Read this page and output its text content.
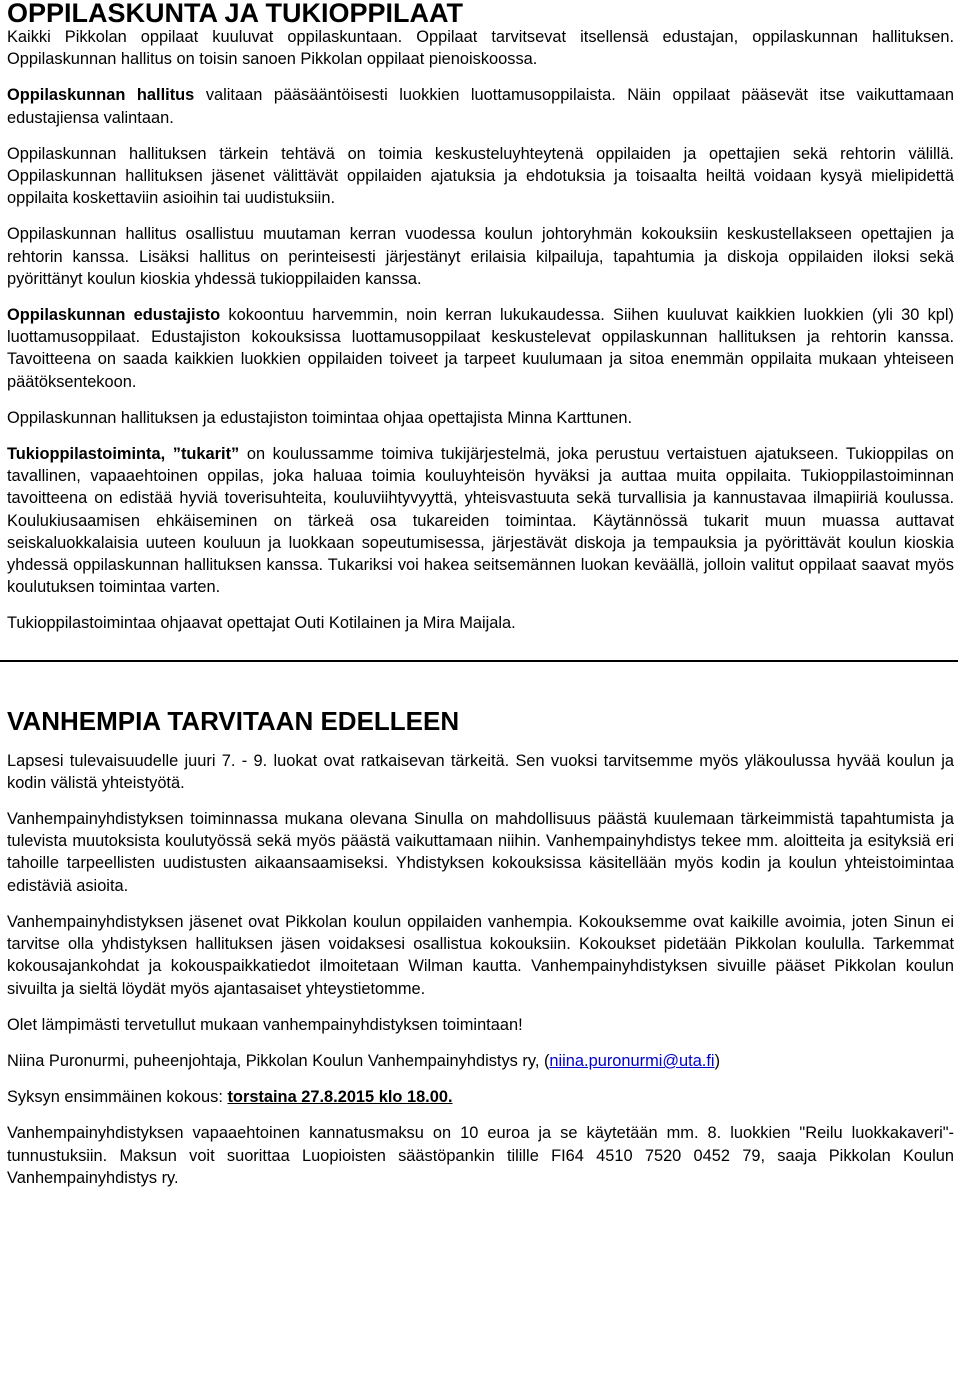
OPPILASKUNTA JA TUKIOPPILAAT

Kaikki Pikkolan oppilaat kuuluvat oppilaskuntaan. Oppilaat tarvitsevat itsellensä edustajan, oppilaskunnan hallituksen. Oppilaskunnan hallitus on toisin sanoen Pikkolan oppilaat pienoiskoossa.

Oppilaskunnan hallitus valitaan pääsääntöisesti luokkien luottamusoppilaista. Näin oppilaat pääsevät itse vaikuttamaan edustajiensa valintaan.

Oppilaskunnan hallituksen tärkein tehtävä on toimia keskusteluyhteytenä oppilaiden ja opettajien sekä rehtorin välillä. Oppilaskunnan hallituksen jäsenet välittävät oppilaiden ajatuksia ja ehdotuksia ja toisaalta heiltä voidaan kysyä mielipidettä oppilaita koskettaviin asioihin tai uudistuksiin.

Oppilaskunnan hallitus osallistuu muutaman kerran vuodessa koulun johtoryhmän kokouksiin keskustellakseen opettajien ja rehtorin kanssa. Lisäksi hallitus on perinteisesti järjestänyt erilaisia kilpailuja, tapahtumia ja diskoja oppilaiden iloksi sekä pyörittänyt koulun kioskia yhdessä tukioppilaiden kanssa.

Oppilaskunnan edustajisto kokoontuu harvemmin, noin kerran lukukaudessa. Siihen kuuluvat kaikkien luokkien (yli 30 kpl) luottamusoppilaat. Edustajiston kokouksissa luottamusoppilaat keskustelevat oppilaskunnan hallituksen ja rehtorin kanssa. Tavoitteena on saada kaikkien luokkien oppilaiden toiveet ja tarpeet kuulumaan ja sitoa enemmän oppilaita mukaan yhteiseen päätöksentekoon.

Oppilaskunnan hallituksen ja edustajiston toimintaa ohjaa opettajista Minna Karttunen.

Tukioppilastoiminta, ”tukarit” on koulussamme toimiva tukijärjestelmä, joka perustuu vertaistuen ajatukseen. Tukioppilas on tavallinen, vapaaehtoinen oppilas, joka haluaa toimia kouluyhteisön hyväksi ja auttaa muita oppilaita. Tukioppilastoiminnan tavoitteena on edistää hyviä toverisuhteita, kouluviihtyvyyttä, yhteisvastuuta sekä turvallisia ja kannustavaa ilmapiiriä koulussa. Koulukiusaamisen ehkäiseminen on tärkeä osa tukareiden toimintaa. Käytännössä tukarit muun muassa auttavat seiskaluokkalaisia uuteen kouluun ja luokkaan sopeutumisessa, järjestävät diskoja ja tempauksia ja pyörittävät koulun kioskia yhdessä oppilaskunnan hallituksen kanssa. Tukariksi voi hakea seitsemännen luokan keväällä, jolloin valitut oppilaat saavat myös koulutuksen toimintaa varten.

Tukioppilastoimintaa ohjaavat opettajat Outi Kotilainen ja Mira Maijala.

VANHEMPIA TARVITAAN EDELLEEN

Lapsesi tulevaisuudelle juuri 7. - 9. luokat ovat ratkaisevan tärkeitä. Sen vuoksi tarvitsemme myös yläkoulussa hyvää koulun ja kodin välistä yhteistyötä.

Vanhempainyhdistyksen toiminnassa mukana olevana Sinulla on mahdollisuus päästä kuulemaan tärkeimmistä tapahtumista ja tulevista muutoksista koulutyössä sekä myös päästä vaikuttamaan niihin. Vanhempainyhdistys tekee mm. aloitteita ja esityksiä eri tahoille tarpeellisten uudistusten aikaansaamiseksi. Yhdistyksen kokouksissa käsitellään myös kodin ja koulun yhteistoimintaa edistäviä asioita.

Vanhempainyhdistyksen jäsenet ovat Pikkolan koulun oppilaiden vanhempia. Kokouksemme ovat kaikille avoimia, joten Sinun ei tarvitse olla yhdistyksen hallituksen jäsen voidaksesi osallistua kokouksiin. Kokoukset pidetään Pikkolan koululla. Tarkemmat kokousajankohdat ja kokouspaikkatiedot ilmoitetaan Wilman kautta. Vanhempainyhdistyksen sivuille pääset Pikkolan koulun sivuilta ja sieltä löydät myös ajantasaiset yhteystietomme.

Olet lämpimästi tervetullut mukaan vanhempainyhdistyksen toimintaan!

Niina Puronurmi, puheenjohtaja, Pikkolan Koulun Vanhempainyhdistys ry, (niina.puronurmi@uta.fi)

Syksyn ensimmäinen kokous: torstaina 27.8.2015 klo 18.00.

Vanhempainyhdistyksen vapaaehtoinen kannatusmaksu on 10 euroa ja se käytetään mm. 8. luokkien "Reilu luokkakaveri"-tunnustuksiin. Maksun voit suorittaa Luopioisten säästöpankin tilille FI64 4510 7520 0452 79, saaja Pikkolan Koulun Vanhempainyhdistys ry.
